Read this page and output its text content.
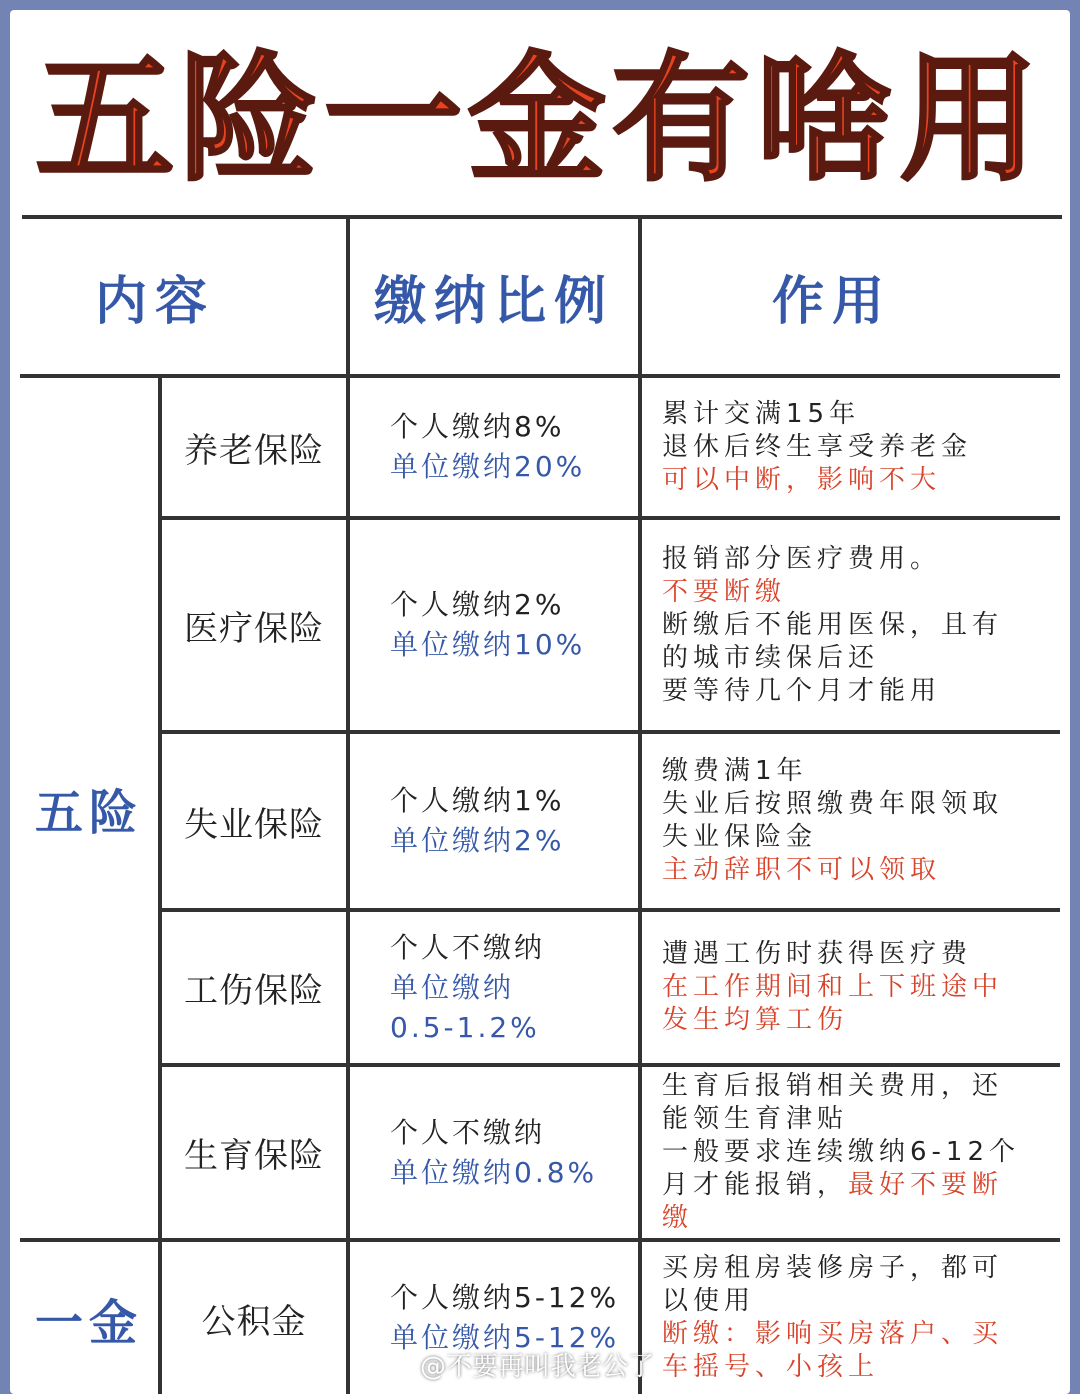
五险一金有啥用
内容	缴纳比例	作用
五险
一金
养老保险
个人缴纳8%
单位缴纳20%
累计交满15年
退休后终生享受养老金
可以中断，影响不大
医疗保险
个人缴纳2%
单位缴纳10%
报销部分医疗费用。
不要断缴
断缴后不能用医保，且有
的城市续保后还
要等待几个月才能用
失业保险
个人缴纳1%
单位缴纳2%
缴费满1年
失业后按照缴费年限领取
失业保险金
主动辞职不可以领取
工伤保险
个人不缴纳
单位缴纳
0.5-1.2%
遭遇工伤时获得医疗费
在工作期间和上下班途中
发生均算工伤
生育保险
个人不缴纳
单位缴纳0.8%
生育后报销相关费用，还
能领生育津贴
一般要求连续缴纳6-12个
月才能报销，最好不要断
缴
公积金
个人缴纳5-12%
单位缴纳5-12%
买房租房装修房子，都可
以使用
断缴：影响买房落户、买
车摇号、小孩上
@不要再叫我老公了
